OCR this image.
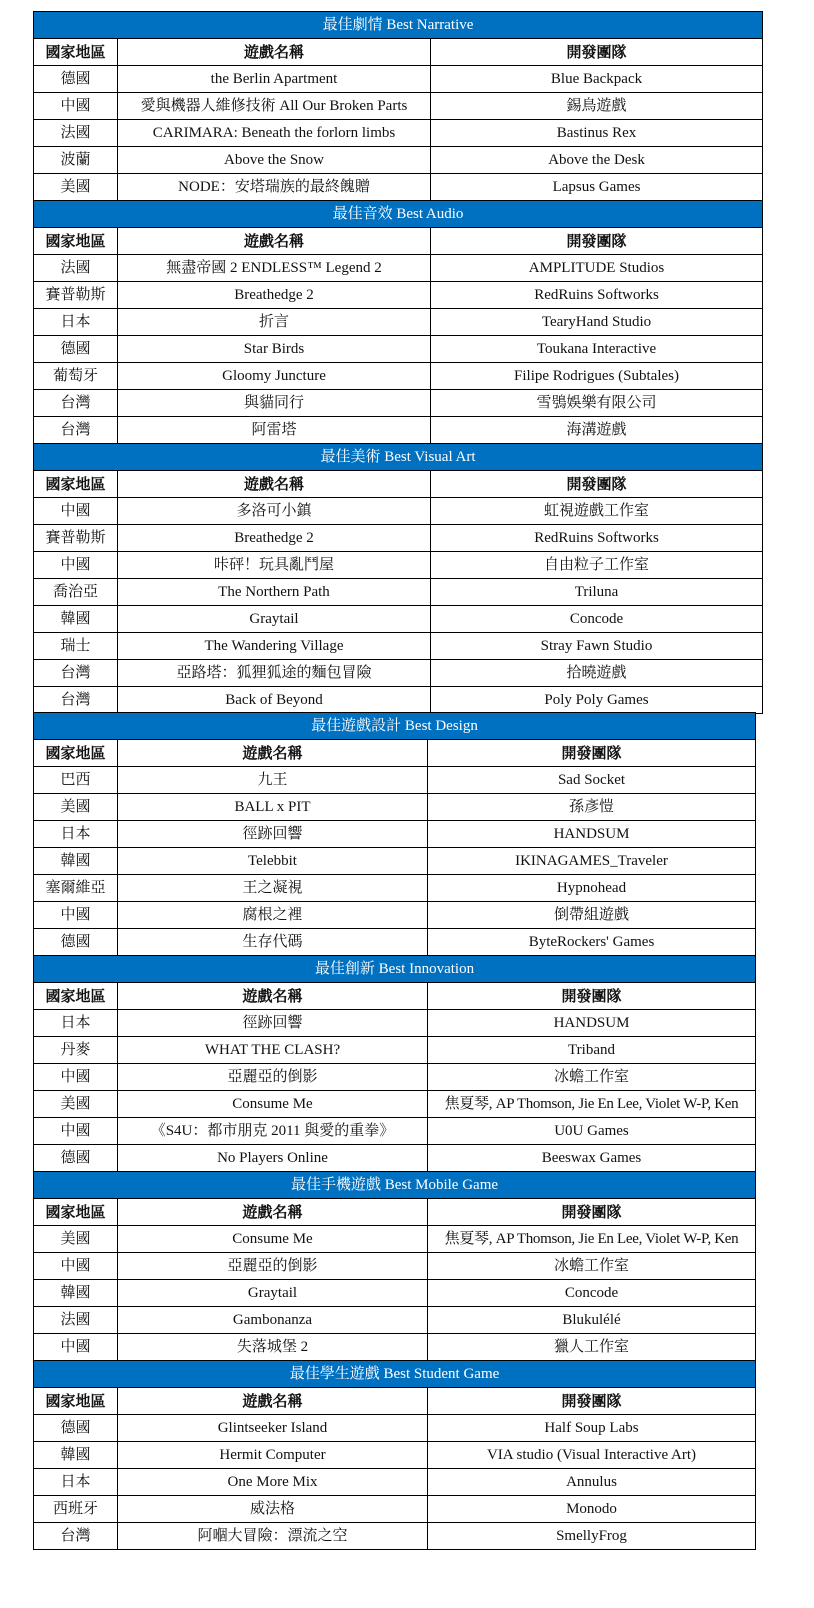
最佳劇情 Best Narrative		
國家地區	遊戲名稱	開發團隊
德國	the Berlin Apartment	Blue Backpack
中國	愛與機器人維修技術 All Our Broken Parts	錫鳥遊戲
法國	CARIMARA: Beneath the forlorn limbs	Bastinus Rex
波蘭	Above the Snow	Above the Desk
美國	NODE：安塔瑞族的最終餽贈	Lapsus Games
最佳音效 Best Audio		
國家地區	遊戲名稱	開發團隊
法國	無盡帝國 2 ENDLESS™ Legend 2	AMPLITUDE Studios
賽普勒斯	Breathedge 2	RedRuins Softworks
日本	折言	TearyHand Studio
德國	Star Birds	Toukana Interactive
葡萄牙	Gloomy Juncture	Filipe Rodrigues (Subtales)
台灣	與貓同行	雪鴞娛樂有限公司
台灣	阿雷塔	海溝遊戲
最佳美術 Best Visual Art		
國家地區	遊戲名稱	開發團隊
中國	多洛可小鎮	虹視遊戲工作室
賽普勒斯	Breathedge 2	RedRuins Softworks
中國	咔砰！玩具亂鬥屋	自由粒子工作室
喬治亞	The Northern Path	Triluna
韓國	Graytail	Concode
瑞士	The Wandering Village	Stray Fawn Studio
台灣	亞路塔：狐狸狐途的麵包冒險	拾曉遊戲
台灣	Back of Beyond	Poly Poly Games
最佳遊戲設計 Best Design		
國家地區	遊戲名稱	開發團隊
巴西	九王	Sad Socket
美國	BALL x PIT	孫彥愷
日本	徑跡回響	HANDSUM
韓國	Telebbit	IKINAGAMES_Traveler
塞爾維亞	王之凝視	Hypnohead
中國	腐根之裡	倒帶組遊戲
德國	生存代碼	ByteRockers' Games
最佳創新 Best Innovation		
國家地區	遊戲名稱	開發團隊
日本	徑跡回響	HANDSUM
丹麥	WHAT THE CLASH?	Triband
中國	亞麗亞的倒影	冰蟾工作室
美國	Consume Me	焦夏琴, AP Thomson, Jie En Lee, Violet W-P, Ken
中國	《S4U：都市朋克 2011 與愛的重拳》	U0U Games
德國	No Players Online	Beeswax Games
最佳手機遊戲 Best Mobile Game		
國家地區	遊戲名稱	開發團隊
美國	Consume Me	焦夏琴, AP Thomson, Jie En Lee, Violet W-P, Ken
中國	亞麗亞的倒影	冰蟾工作室
韓國	Graytail	Concode
法國	Gambonanza	Blukulélé
中國	失落城堡 2	獵人工作室
最佳學生遊戲 Best Student Game		
國家地區	遊戲名稱	開發團隊
德國	Glintseeker Island	Half Soup Labs
韓國	Hermit Computer	VIA studio (Visual Interactive Art)
日本	One More Mix	Annulus
西班牙	威法格	Monodo
台灣	阿嗰大冒險：漂流之空	SmellyFrog
